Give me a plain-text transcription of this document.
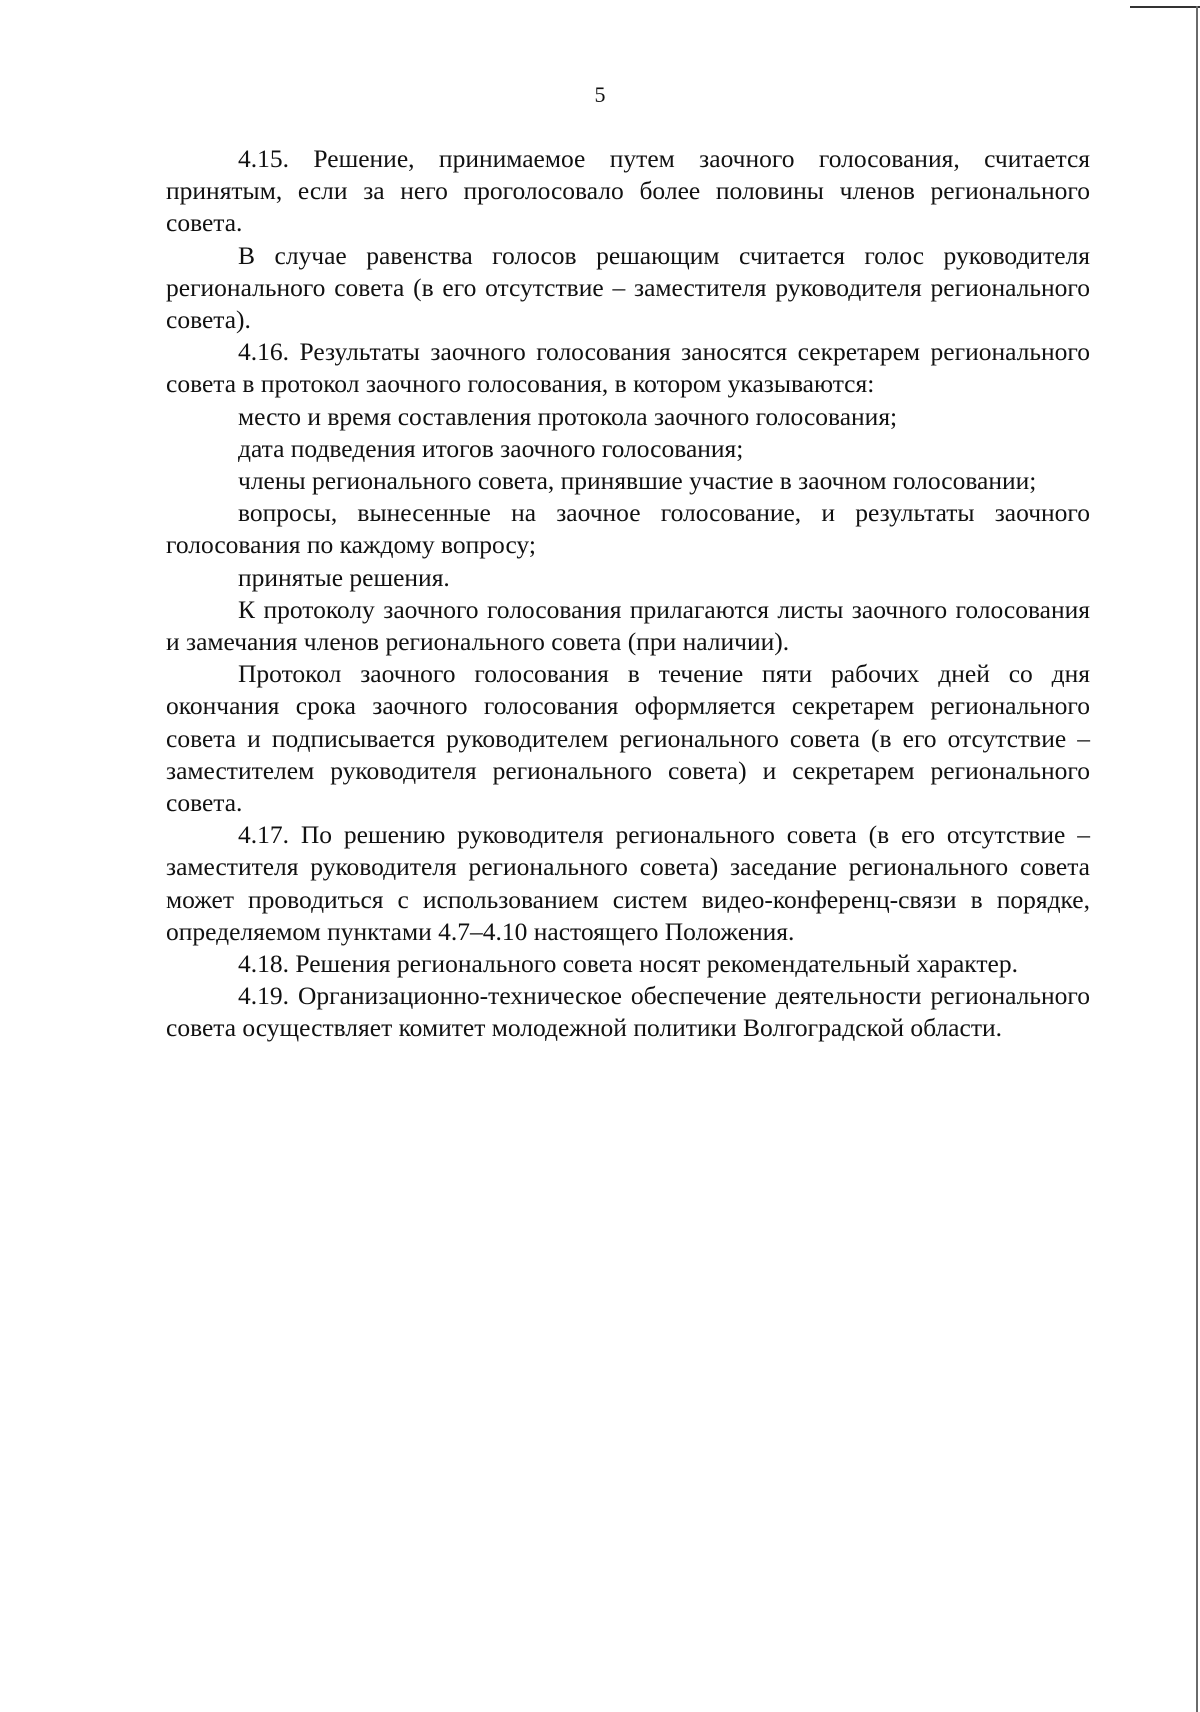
5

4.15. Решение, принимаемое путем заочного голосования, считается принятым, если за него проголосовало более половины членов регионального совета.

В случае равенства голосов решающим считается голос руководителя регионального совета (в его отсутствие – заместителя руководителя регионального совета).

4.16. Результаты заочного голосования заносятся секретарем регионального совета в протокол заочного голосования, в котором указываются:

место и время составления протокола заочного голосования;

дата подведения итогов заочного голосования;

члены регионального совета, принявшие участие в заочном голосовании;

вопросы, вынесенные на заочное голосование, и результаты заочного голосования по каждому вопросу;

принятые решения.

К протоколу заочного голосования прилагаются листы заочного голосования и замечания членов регионального совета (при наличии).

Протокол заочного голосования в течение пяти рабочих дней со дня окончания срока заочного голосования оформляется секретарем регионального совета и подписывается руководителем регионального совета (в его отсутствие – заместителем руководителя регионального совета) и секретарем регионального совета.

4.17. По решению руководителя регионального совета (в его отсутствие – заместителя руководителя регионального совета) заседание регионального совета может проводиться с использованием систем видео-конференц-связи в порядке, определяемом пунктами 4.7–4.10 настоящего Положения.

4.18. Решения регионального совета носят рекомендательный характер.

4.19. Организационно-техническое обеспечение деятельности регионального совета осуществляет комитет молодежной политики Волгоградской области.
